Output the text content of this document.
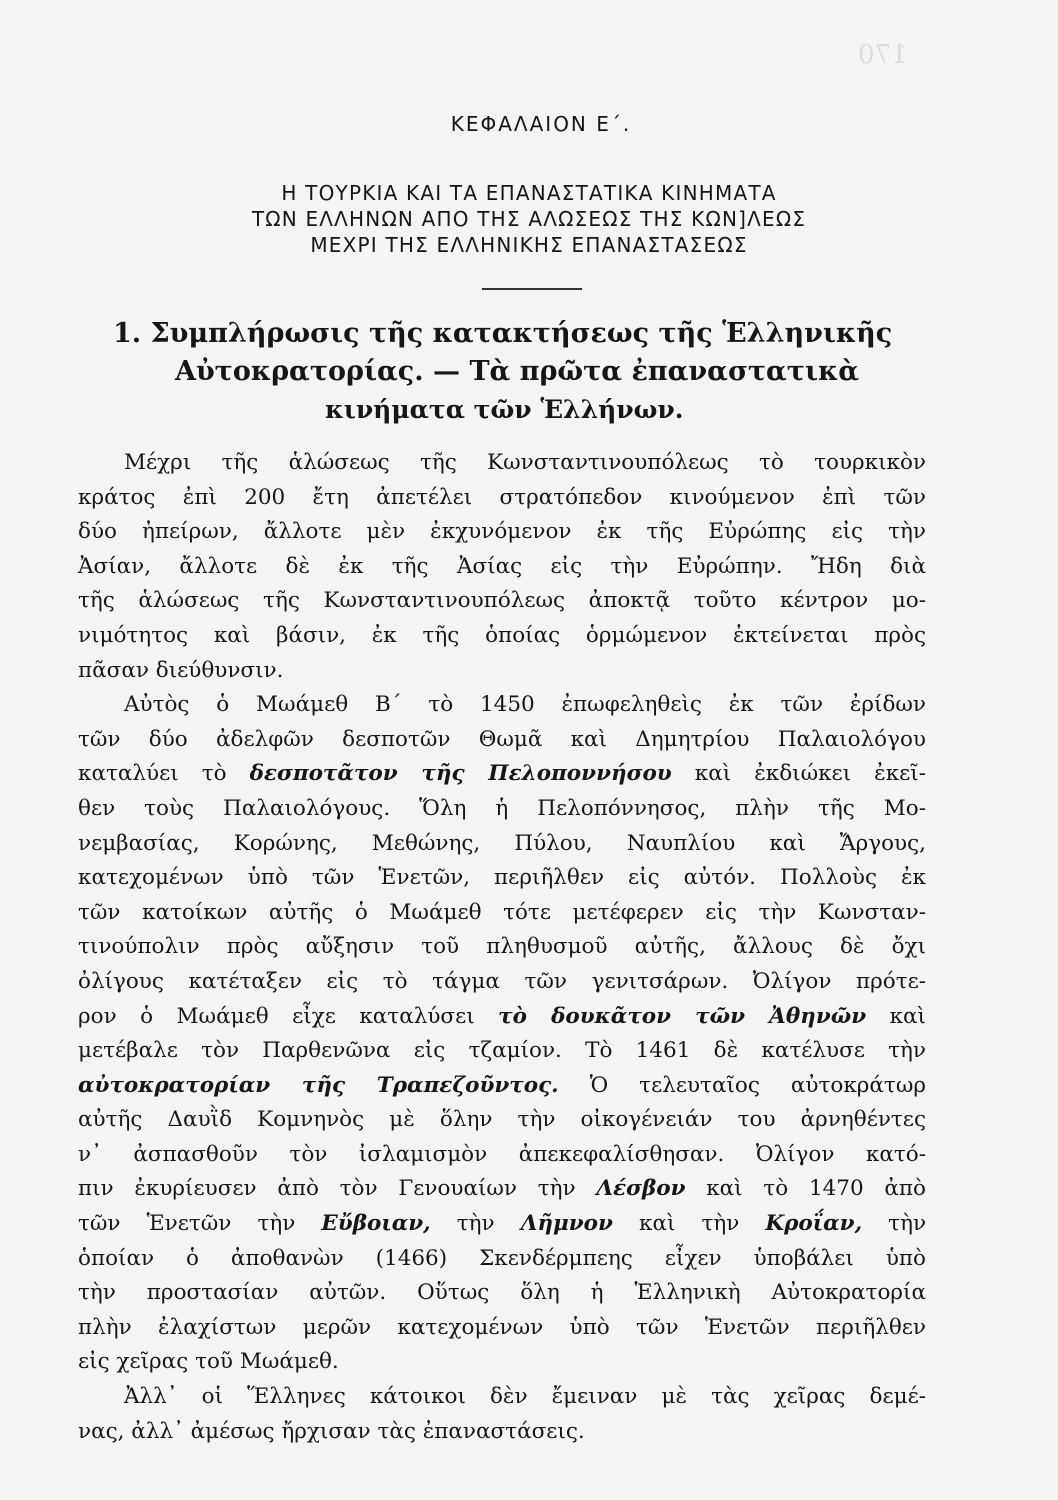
170
ΚΕΦΑΛΑΙΟΝ Ε΄.
Η ΤΟΥΡΚΙΑ ΚΑΙ ΤΑ ΕΠΑΝΑΣΤΑΤΙΚΑ ΚΙΝΗΜΑΤΑ
ΤΩΝ ΕΛΛΗΝΩΝ ΑΠΟ ΤΗΣ ΑΛΩΣΕΩΣ ΤΗΣ ΚΩΝ]ΛΕΩΣ
ΜΕΧΡΙ ΤΗΣ ΕΛΛΗΝΙΚΗΣ ΕΠΑΝΑΣΤΑΣΕΩΣ
1. Συμπλήρωσις τῆς κατακτήσεως τῆς Ἑλληνικῆς
Αὐτοκρατορίας. — Τὰ πρῶτα ἐπαναστατικὰ
κινήματα τῶν Ἑλλήνων.
Μέχρι τῆς ἁλώσεως τῆς Κωνσταντινουπόλεως τὸ τουρκικὸν
κράτος ἐπὶ 200 ἔτη ἀπετέλει στρατόπεδον κινούμενον ἐπὶ τῶν
δύο ἠπείρων, ἄλλοτε μὲν ἐκχυνόμενον ἐκ τῆς Εὐρώπης εἰς τὴν
Ἀσίαν, ἄλλοτε δὲ ἐκ τῆς Ἀσίας εἰς τὴν Εὐρώπην. Ἤδη διὰ
τῆς ἁλώσεως τῆς Κωνσταντινουπόλεως ἀποκτᾷ τοῦτο κέντρον μο-
νιμότητος καὶ βάσιν, ἐκ τῆς ὁποίας ὁρμώμενον ἐκτείνεται πρὸς
πᾶσαν διεύθυνσιν.
Αὐτὸς ὁ Μωάμεθ Β΄ τὸ 1450 ἐπωφεληθεὶς ἐκ τῶν ἐρίδων
τῶν δύο ἀδελφῶν δεσποτῶν Θωμᾶ καὶ Δημητρίου Παλαιολόγου
καταλύει τὸ δεσποτᾶτον τῆς Πελοποννήσου καὶ ἐκδιώκει ἐκεῖ-
θεν τοὺς Παλαιολόγους. Ὅλη ἡ Πελοπόννησος, πλὴν τῆς Μο-
νεμβασίας, Κορώνης, Μεθώνης, Πύλου, Ναυπλίου καὶ Ἄργους,
κατεχομένων ὑπὸ τῶν Ἑνετῶν, περιῆλθεν εἰς αὐτόν. Πολλοὺς ἐκ
τῶν κατοίκων αὐτῆς ὁ Μωάμεθ τότε μετέφερεν εἰς τὴν Κωνσταν-
τινούπολιν πρὸς αὔξησιν τοῦ πληθυσμοῦ αὐτῆς, ἄλλους δὲ ὄχι
ὀλίγους κατέταξεν εἰς τὸ τάγμα τῶν γενιτσάρων. Ὀλίγον πρότε-
ρον ὁ Μωάμεθ εἶχε καταλύσει τὸ δουκᾶτον τῶν Ἀθηνῶν καὶ
μετέβαλε τὸν Παρθενῶνα εἰς τζαμίον. Τὸ 1461 δὲ κατέλυσε τὴν
αὐτοκρατορίαν τῆς Τραπεζοῦντος. Ὁ τελευταῖος αὐτοκράτωρ
αὐτῆς Δαυῒδ Κομνηνὸς μὲ ὅλην τὴν οἰκογένειάν του ἀρνηθέντες
ν᾽ ἀσπασθοῦν τὸν ἰσλαμισμὸν ἀπεκεφαλίσθησαν. Ὀλίγον κατό-
πιν ἐκυρίευσεν ἀπὸ τὸν Γενουαίων τὴν Λέσβον καὶ τὸ 1470 ἀπὸ
τῶν Ἑνετῶν τὴν Εὔβοιαν, τὴν Λῆμνον καὶ τὴν Κροΐαν, τὴν
ὁποίαν ὁ ἀποθανὼν (1466) Σκενδέρμπεης εἶχεν ὑποβάλει ὑπὸ
τὴν προστασίαν αὐτῶν. Οὕτως ὅλη ἡ Ἑλληνικὴ Αὐτοκρατορία
πλὴν ἐλαχίστων μερῶν κατεχομένων ὑπὸ τῶν Ἑνετῶν περιῆλθεν
εἰς χεῖρας τοῦ Μωάμεθ.
Ἀλλ᾽ οἱ Ἕλληνες κάτοικοι δὲν ἔμειναν μὲ τὰς χεῖρας δεμέ-
νας, ἀλλ᾽ ἀμέσως ἤρχισαν τὰς ἐπαναστάσεις.
